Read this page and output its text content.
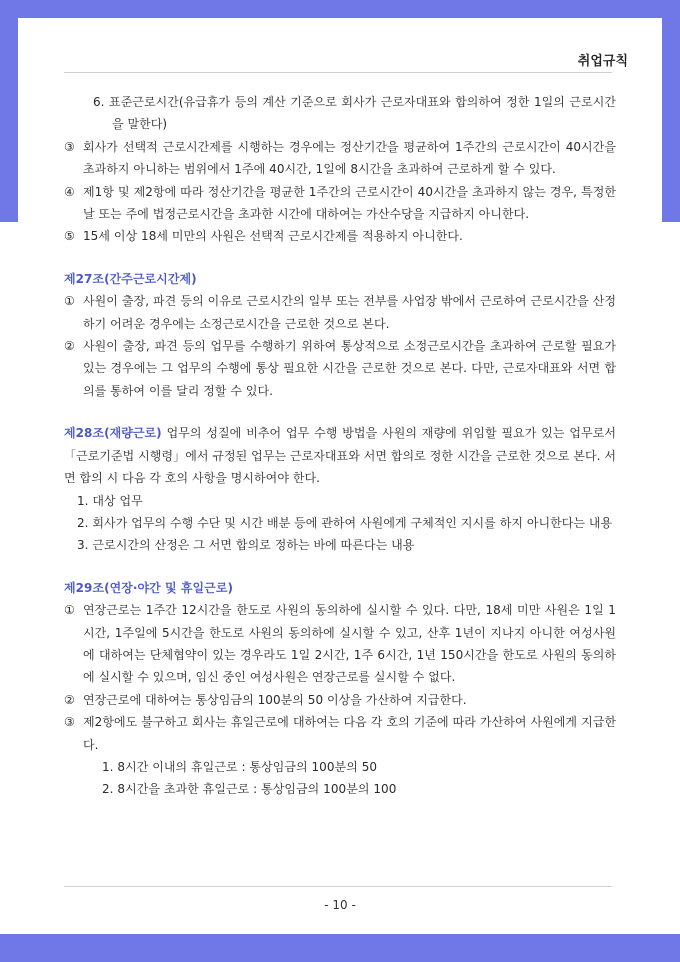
취업규칙
6. 표준근로시간(유급휴가 등의 계산 기준으로 회사가 근로자대표와 합의하여 정한 1일의 근로시간을 말한다)
③ 회사가 선택적 근로시간제를 시행하는 경우에는 정산기간을 평균하여 1주간의 근로시간이 40시간을 초과하지 아니하는 범위에서 1주에 40시간, 1일에 8시간을 초과하여 근로하게 할 수 있다.
④ 제1항 및 제2항에 따라 정산기간을 평균한 1주간의 근로시간이 40시간을 초과하지 않는 경우, 특정한 날 또는 주에 법정근로시간을 초과한 시간에 대하여는 가산수당을 지급하지 아니한다.
⑤ 15세 이상 18세 미만의 사원은 선택적 근로시간제를 적용하지 아니한다.
제27조(간주근로시간제)
① 사원이 출장, 파견 등의 이유로 근로시간의 일부 또는 전부를 사업장 밖에서 근로하여 근로시간을 산정하기 어려운 경우에는 소정근로시간을 근로한 것으로 본다.
② 사원이 출장, 파견 등의 업무를 수행하기 위하여 통상적으로 소정근로시간을 초과하여 근로할 필요가 있는 경우에는 그 업무의 수행에 통상 필요한 시간을 근로한 것으로 본다. 다만, 근로자대표와 서면 합의를 통하여 이를 달리 정할 수 있다.
제28조(재량근로) 업무의 성질에 비추어 업무 수행 방법을 사원의 재량에 위임할 필요가 있는 업무로서 「근로기준법 시행령」에서 규정된 업무는 근로자대표와 서면 합의로 정한 시간을 근로한 것으로 본다. 서면 합의 시 다음 각 호의 사항을 명시하여야 한다.
1. 대상 업무
2. 회사가 업무의 수행 수단 및 시간 배분 등에 관하여 사원에게 구체적인 지시를 하지 아니한다는 내용
3. 근로시간의 산정은 그 서면 합의로 정하는 바에 따른다는 내용
제29조(연장·야간 및 휴일근로)
① 연장근로는 1주간 12시간을 한도로 사원의 동의하에 실시할 수 있다. 다만, 18세 미만 사원은 1일 1시간, 1주일에 5시간을 한도로 사원의 동의하에 실시할 수 있고, 산후 1년이 지나지 아니한 여성사원에 대하여는 단체협약이 있는 경우라도 1일 2시간, 1주 6시간, 1년 150시간을 한도로 사원의 동의하에 실시할 수 있으며, 임신 중인 여성사원은 연장근로를 실시할 수 없다.
② 연장근로에 대하여는 통상임금의 100분의 50 이상을 가산하여 지급한다.
③ 제2항에도 불구하고 회사는 휴일근로에 대하여는 다음 각 호의 기준에 따라 가산하여 사원에게 지급한다.
1. 8시간 이내의 휴일근로 : 통상임금의 100분의 50
2. 8시간을 초과한 휴일근로 : 통상임금의 100분의 100
- 10 -
